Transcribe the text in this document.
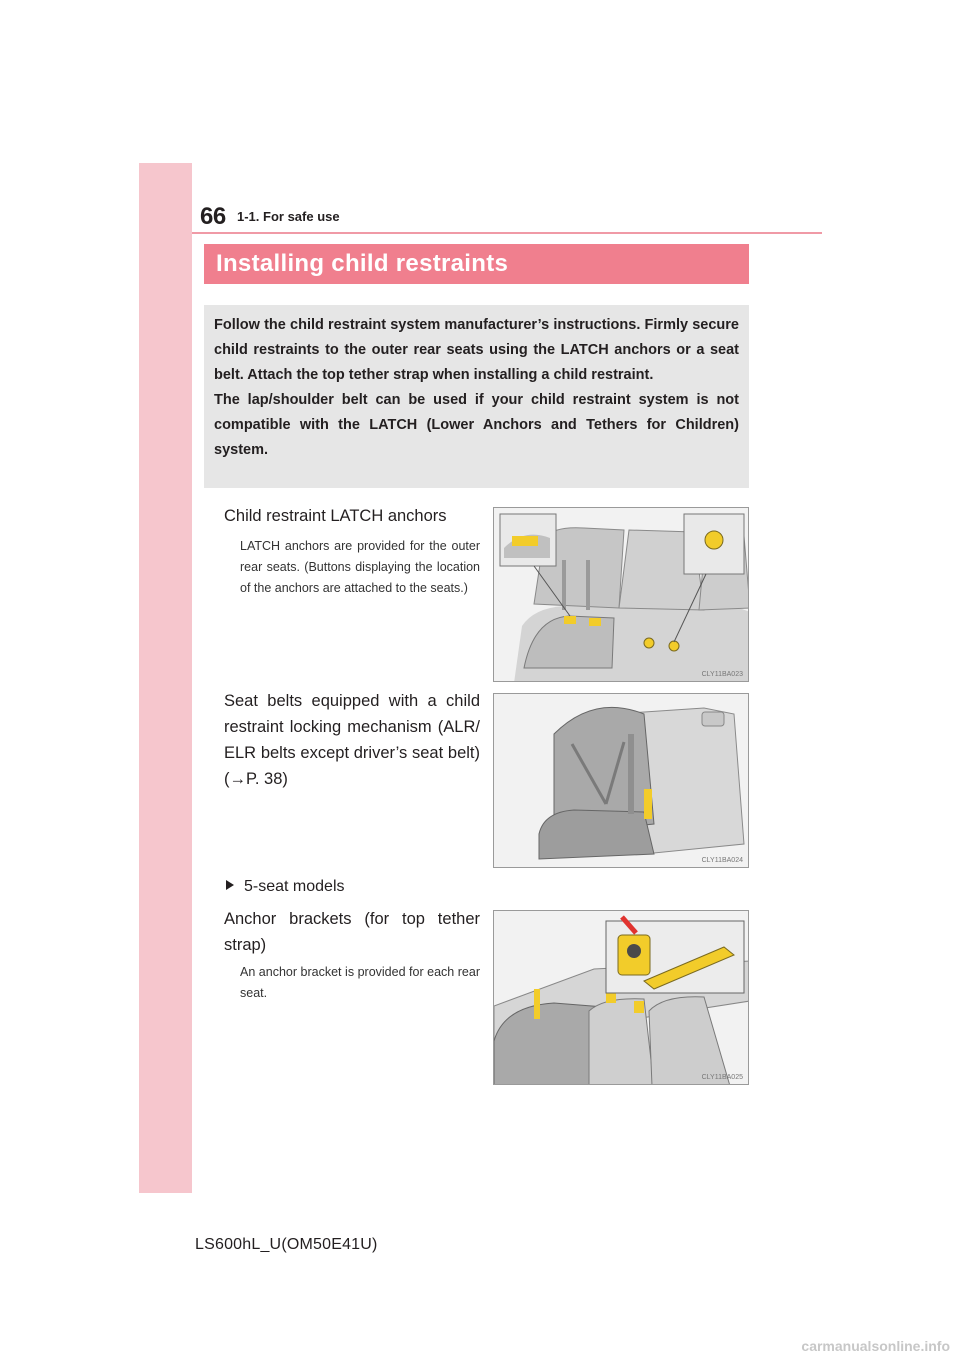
66 1-1. For safe use
Installing child restraints

Follow the child restraint system manufacturer’s instructions. Firmly secure child restraints to the outer rear seats using the LATCH anchors or a seat belt. Attach the top tether strap when installing a child restraint.

The lap/shoulder belt can be used if your child restraint system is not compatible with the LATCH (Lower Anchors and Tethers for Children) system.

Child restraint LATCH anchors
LATCH anchors are provided for the outer rear seats. (Buttons displaying the location of the anchors are attached to the seats.)
CLY11BA023
Seat belts equipped with a child restraint locking mechanism (ALR/ ELR belts except driver’s seat belt) (→P. 38)
CLY11BA024
5-seat models
Anchor brackets (for top tether strap)
An anchor bracket is provided for each rear seat.
CLY11BA025
LS600hL_U(OM50E41U)
carmanualsonline.info
